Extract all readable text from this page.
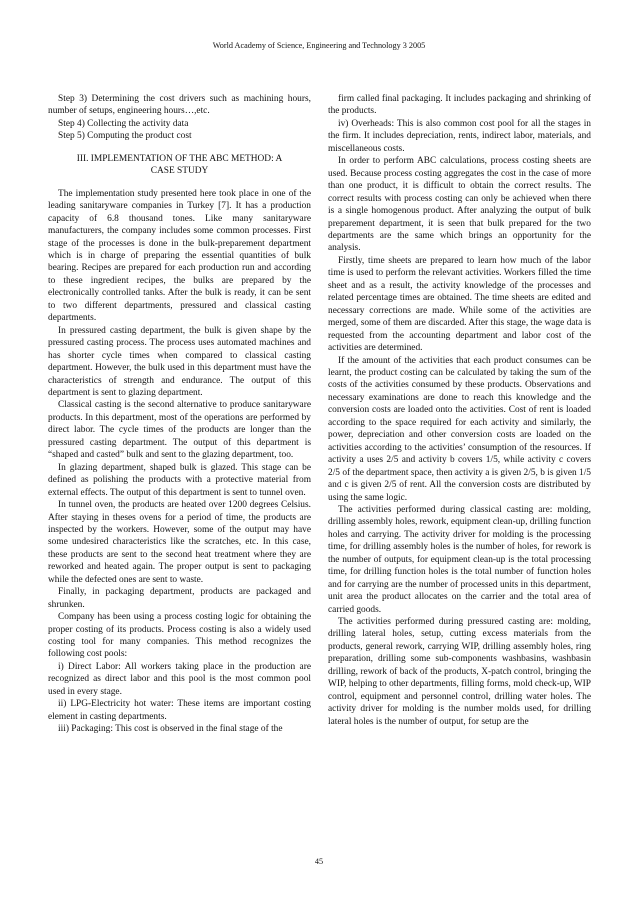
World Academy of Science, Engineering and Technology 3 2005

Step 3) Determining the cost drivers such as machining hours, number of setups, engineering hours…,etc.

Step 4) Collecting the activity data

Step 5) Computing the product cost

III. IMPLEMENTATION OF THE ABC METHOD: A
CASE STUDY

The implementation study presented here took place in one of the leading sanitaryware companies in Turkey [7]. It has a production capacity of 6.8 thousand tones. Like many sanitaryware manufacturers, the company includes some common processes. First stage of the processes is done in the bulk-preparement department which is in charge of preparing the essential quantities of bulk bearing. Recipes are prepared for each production run and according to these ingredient recipes, the bulks are prepared by the electronically controlled tanks. After the bulk is ready, it can be sent to two different departments, pressured and classical casting departments.

In pressured casting department, the bulk is given shape by the pressured casting process. The process uses automated machines and has shorter cycle times when compared to classical casting department. However, the bulk used in this department must have the characteristics of strength and endurance. The output of this department is sent to glazing department.

Classical casting is the second alternative to produce sanitaryware products. In this department, most of the operations are performed by direct labor. The cycle times of the products are longer than the pressured casting department. The output of this department is “shaped and casted” bulk and sent to the glazing department, too.

In glazing department, shaped bulk is glazed. This stage can be defined as polishing the products with a protective material from external effects. The output of this department is sent to tunnel oven.

In tunnel oven, the products are heated over 1200 degrees Celsius. After staying in theses ovens for a period of time, the products are inspected by the workers. However, some of the output may have some undesired characteristics like the scratches, etc. In this case, these products are sent to the second heat treatment where they are reworked and heated again. The proper output is sent to packaging while the defected ones are sent to waste.

Finally, in packaging department, products are packaged and shrunken.

Company has been using a process costing logic for obtaining the proper costing of its products. Process costing is also a widely used costing tool for many companies. This method recognizes the following cost pools:

i) Direct Labor: All workers taking place in the production are recognized as direct labor and this pool is the most common pool used in every stage.

ii) LPG-Electricity hot water: These items are important costing element in casting departments.

iii) Packaging: This cost is observed in the final stage of the

firm called final packaging. It includes packaging and shrinking of the products.

iv) Overheads: This is also common cost pool for all the stages in the firm. It includes depreciation, rents, indirect labor, materials, and miscellaneous costs.

In order to perform ABC calculations, process costing sheets are used. Because process costing aggregates the cost in the case of more than one product, it is difficult to obtain the correct results. The correct results with process costing can only be achieved when there is a single homogenous product. After analyzing the output of bulk preparement department, it is seen that bulk prepared for the two departments are the same which brings an opportunity for the analysis.

Firstly, time sheets are prepared to learn how much of the labor time is used to perform the relevant activities. Workers filled the time sheet and as a result, the activity knowledge of the processes and related percentage times are obtained. The time sheets are edited and necessary corrections are made. While some of the activities are merged, some of them are discarded. After this stage, the wage data is requested from the accounting department and labor cost of the activities are determined.

If the amount of the activities that each product consumes can be learnt, the product costing can be calculated by taking the sum of the costs of the activities consumed by these products. Observations and necessary examinations are done to reach this knowledge and the conversion costs are loaded onto the activities. Cost of rent is loaded according to the space required for each activity and similarly, the power, depreciation and other conversion costs are loaded on the activities according to the activities’ consumption of the resources. If activity a uses 2/5 and activity b covers 1/5, while activity c covers 2/5 of the department space, then activity a is given 2/5, b is given 1/5 and c is given 2/5 of rent. All the conversion costs are distributed by using the same logic.

The activities performed during classical casting are: molding, drilling assembly holes, rework, equipment clean-up, drilling function holes and carrying. The activity driver for molding is the processing time, for drilling assembly holes is the number of holes, for rework is the number of outputs, for equipment clean-up is the total processing time, for drilling function holes is the total number of function holes and for carrying are the number of processed units in this department, unit area the product allocates on the carrier and the total area of carried goods.

The activities performed during pressured casting are: molding, drilling lateral holes, setup, cutting excess materials from the products, general rework, carrying WIP, drilling assembly holes, ring preparation, drilling some sub-components washbasins, washbasin drilling, rework of back of the products, X-patch control, bringing the WIP, helping to other departments, filling forms, mold check-up, WIP control, equipment and personnel control, drilling water holes. The activity driver for molding is the number molds used, for drilling lateral holes is the number of output, for setup are the

45
